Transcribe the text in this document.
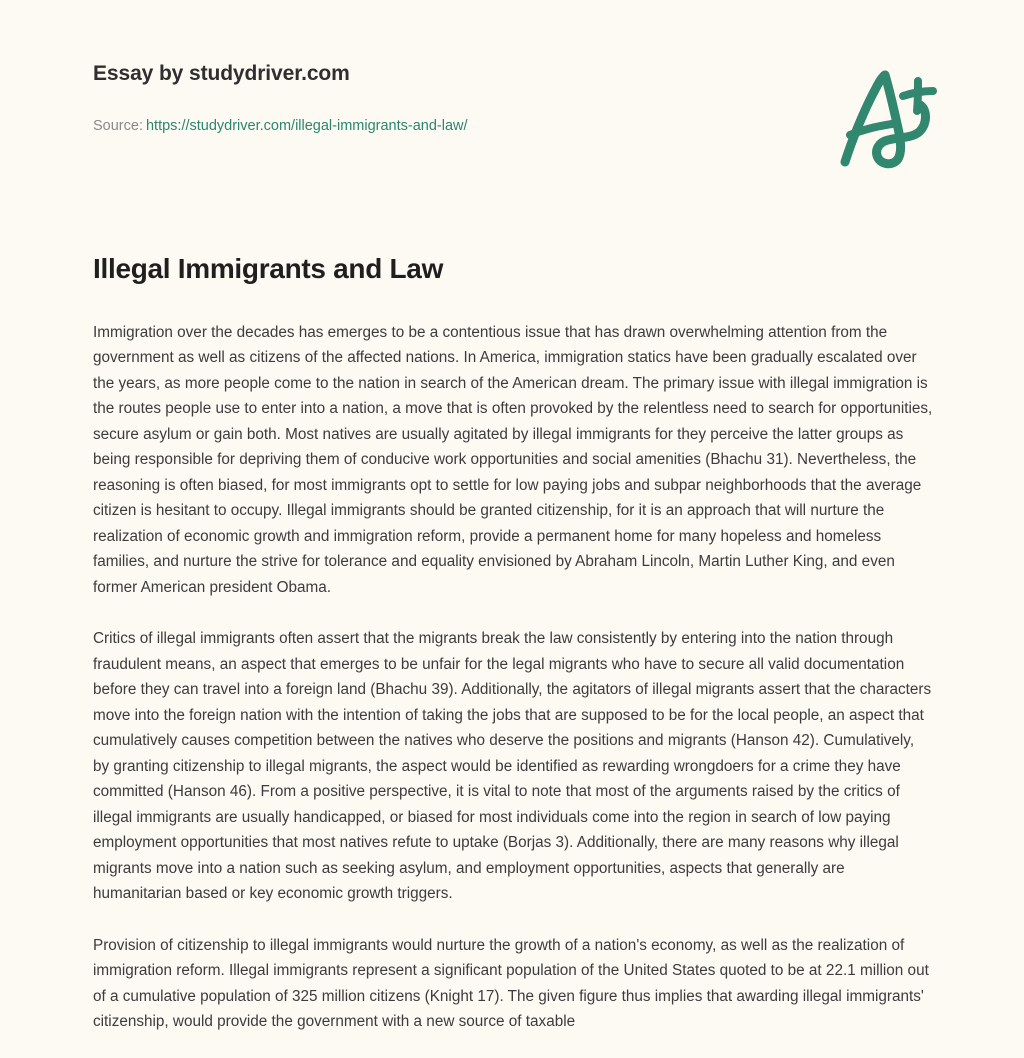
Essay by studydriver.com
Source: https://studydriver.com/illegal-immigrants-and-law/
Illegal Immigrants and Law

Immigration over the decades has emerges to be a contentious issue that has drawn overwhelming attention from the government as well as citizens of the affected nations. In America, immigration statics have been gradually escalated over the years, as more people come to the nation in search of the American dream. The primary issue with illegal immigration is the routes people use to enter into a nation, a move that is often provoked by the relentless need to search for opportunities, secure asylum or gain both. Most natives are usually agitated by illegal immigrants for they perceive the latter groups as being responsible for depriving them of conducive work opportunities and social amenities (Bhachu 31). Nevertheless, the reasoning is often biased, for most immigrants opt to settle for low paying jobs and subpar neighborhoods that the average citizen is hesitant to occupy. Illegal immigrants should be granted citizenship, for it is an approach that will nurture the realization of economic growth and immigration reform, provide a permanent home for many hopeless and homeless families, and nurture the strive for tolerance and equality envisioned by Abraham Lincoln, Martin Luther King, and even former American president Obama.

Critics of illegal immigrants often assert that the migrants break the law consistently by entering into the nation through fraudulent means, an aspect that emerges to be unfair for the legal migrants who have to secure all valid documentation before they can travel into a foreign land (Bhachu 39). Additionally, the agitators of illegal migrants assert that the characters move into the foreign nation with the intention of taking the jobs that are supposed to be for the local people, an aspect that cumulatively causes competition between the natives who deserve the positions and migrants (Hanson 42). Cumulatively, by granting citizenship to illegal migrants, the aspect would be identified as rewarding wrongdoers for a crime they have committed (Hanson 46). From a positive perspective, it is vital to note that most of the arguments raised by the critics of illegal immigrants are usually handicapped, or biased for most individuals come into the region in search of low paying employment opportunities that most natives refute to uptake (Borjas 3). Additionally, there are many reasons why illegal migrants move into a nation such as seeking asylum, and employment opportunities, aspects that generally are humanitarian based or key economic growth triggers.

Provision of citizenship to illegal immigrants would nurture the growth of a nation's economy, as well as the realization of immigration reform. Illegal immigrants represent a significant population of the United States quoted to be at 22.1 million out of a cumulative population of 325 million citizens (Knight 17). The given figure thus implies that awarding illegal immigrants' citizenship, would provide the government with a new source of taxable
